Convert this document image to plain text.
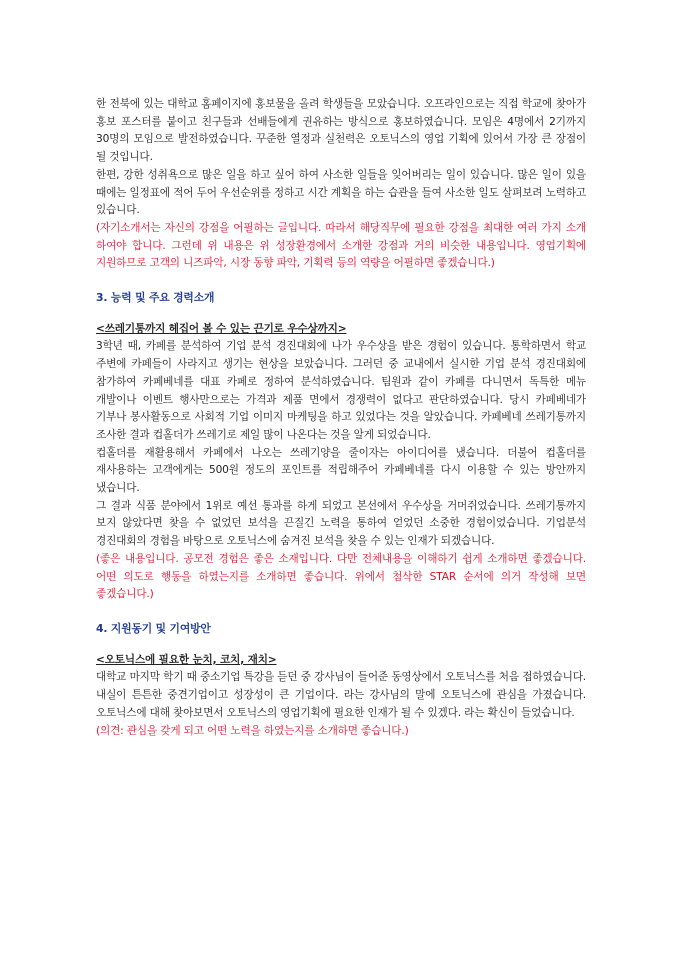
한 전북에 있는 대학교 홈페이지에 홍보물을 올려 학생들을 모았습니다. 오프라인으로는 직접 학교에 찾아가 홍보 포스터를 붙이고 친구들과 선배들에게 권유하는 방식으로 홍보하였습니다. 모임은 4명에서 2기까지 30명의 모임으로 발전하였습니다. 꾸준한 열정과 실천력은 오토닉스의 영업 기획에 있어서 가장 큰 장점이 될 것입니다.

한편, 강한 성취욕으로 많은 일을 하고 싶어 하여 사소한 일들을 잊어버리는 일이 있습니다. 많은 일이 있을 때에는 일정표에 적어 두어 우선순위를 정하고 시간 계획을 하는 습관을 들여 사소한 일도 살펴보려 노력하고 있습니다.

(자기소개서는 자신의 강점을 어필하는 글입니다. 따라서 해당직무에 필요한 강점을 최대한 여러 가지 소개 하여야 합니다. 그런데 위 내용은 위 성장환경에서 소개한 강점과 거의 비슷한 내용입니다. 영업기획에 지원하므로 고객의 니즈파악, 시장 동향 파악, 기획력 등의 역량을 어필하면 좋겠습니다.)

3. 능력 및 주요 경력소개

<쓰레기통까지 헤집어 볼 수 있는 끈기로 우수상까지>

3학년 때, 카페를 분석하여 기업 분석 경진대회에 나가 우수상을 받은 경험이 있습니다. 통학하면서 학교 주변에 카페들이 사라지고 생기는 현상을 보았습니다. 그러던 중 교내에서 실시한 기업 분석 경진대회에 참가하여 카페베네를 대표 카페로 정하여 분석하였습니다. 팀원과 같이 카페를 다니면서 독특한 메뉴 개발이나 이벤트 행사만으로는 가격과 제품 면에서 경쟁력이 없다고 판단하였습니다. 당시 카페베네가 기부나 봉사활동으로 사회적 기업 이미지 마케팅을 하고 있었다는 것을 알았습니다. 카페베네 쓰레기통까지 조사한 결과 컵홀더가 쓰레기로 제일 많이 나온다는 것을 알게 되었습니다.

컵홀더를 재활용해서 카페에서 나오는 쓰레기양을 줄이자는 아이디어를 냈습니다. 더불어 컵홀더를 재사용하는 고객에게는 500원 정도의 포인트를 적립해주어 카페베네를 다시 이용할 수 있는 방안까지 냈습니다.

그 결과 식품 분야에서 1위로 예선 통과를 하게 되었고 본선에서 우수상을 거머쥐었습니다. 쓰레기통까지 보지 않았다면 찾을 수 없었던 보석을 끈질긴 노력을 통하여 얻었던 소중한 경험이었습니다. 기업분석 경진대회의 경험을 바탕으로 오토닉스에 숨겨진 보석을 찾을 수 있는 인재가 되겠습니다.

(좋은 내용입니다. 공모전 경험은 좋은 소재입니다. 다만 전체내용을 이해하기 쉽게 소개하면 좋겠습니다. 어떤 의도로 행동을 하였는지를 소개하면 좋습니다. 위에서 첨삭한 STAR 순서에 의거 작성해 보면 좋겠습니다.)

4. 지원동기 및 기여방안

<오토닉스에 필요한 눈치, 코치, 재치>

대학교 마지막 학기 때 중소기업 특강을 듣던 중 강사님이 들어준 동영상에서 오토닉스를 처음 접하였습니다. 내실이 튼튼한 중견기업이고 성장성이 큰 기업이다. 라는 강사님의 말에 오토닉스에 관심을 가졌습니다. 오토닉스에 대해 찾아보면서 오토닉스의 영업기획에 필요한 인재가 될 수 있겠다. 라는 확신이 들었습니다.

(의견: 관심을 갖게 되고 어떤 노력을 하였는지를 소개하면 좋습니다.)
